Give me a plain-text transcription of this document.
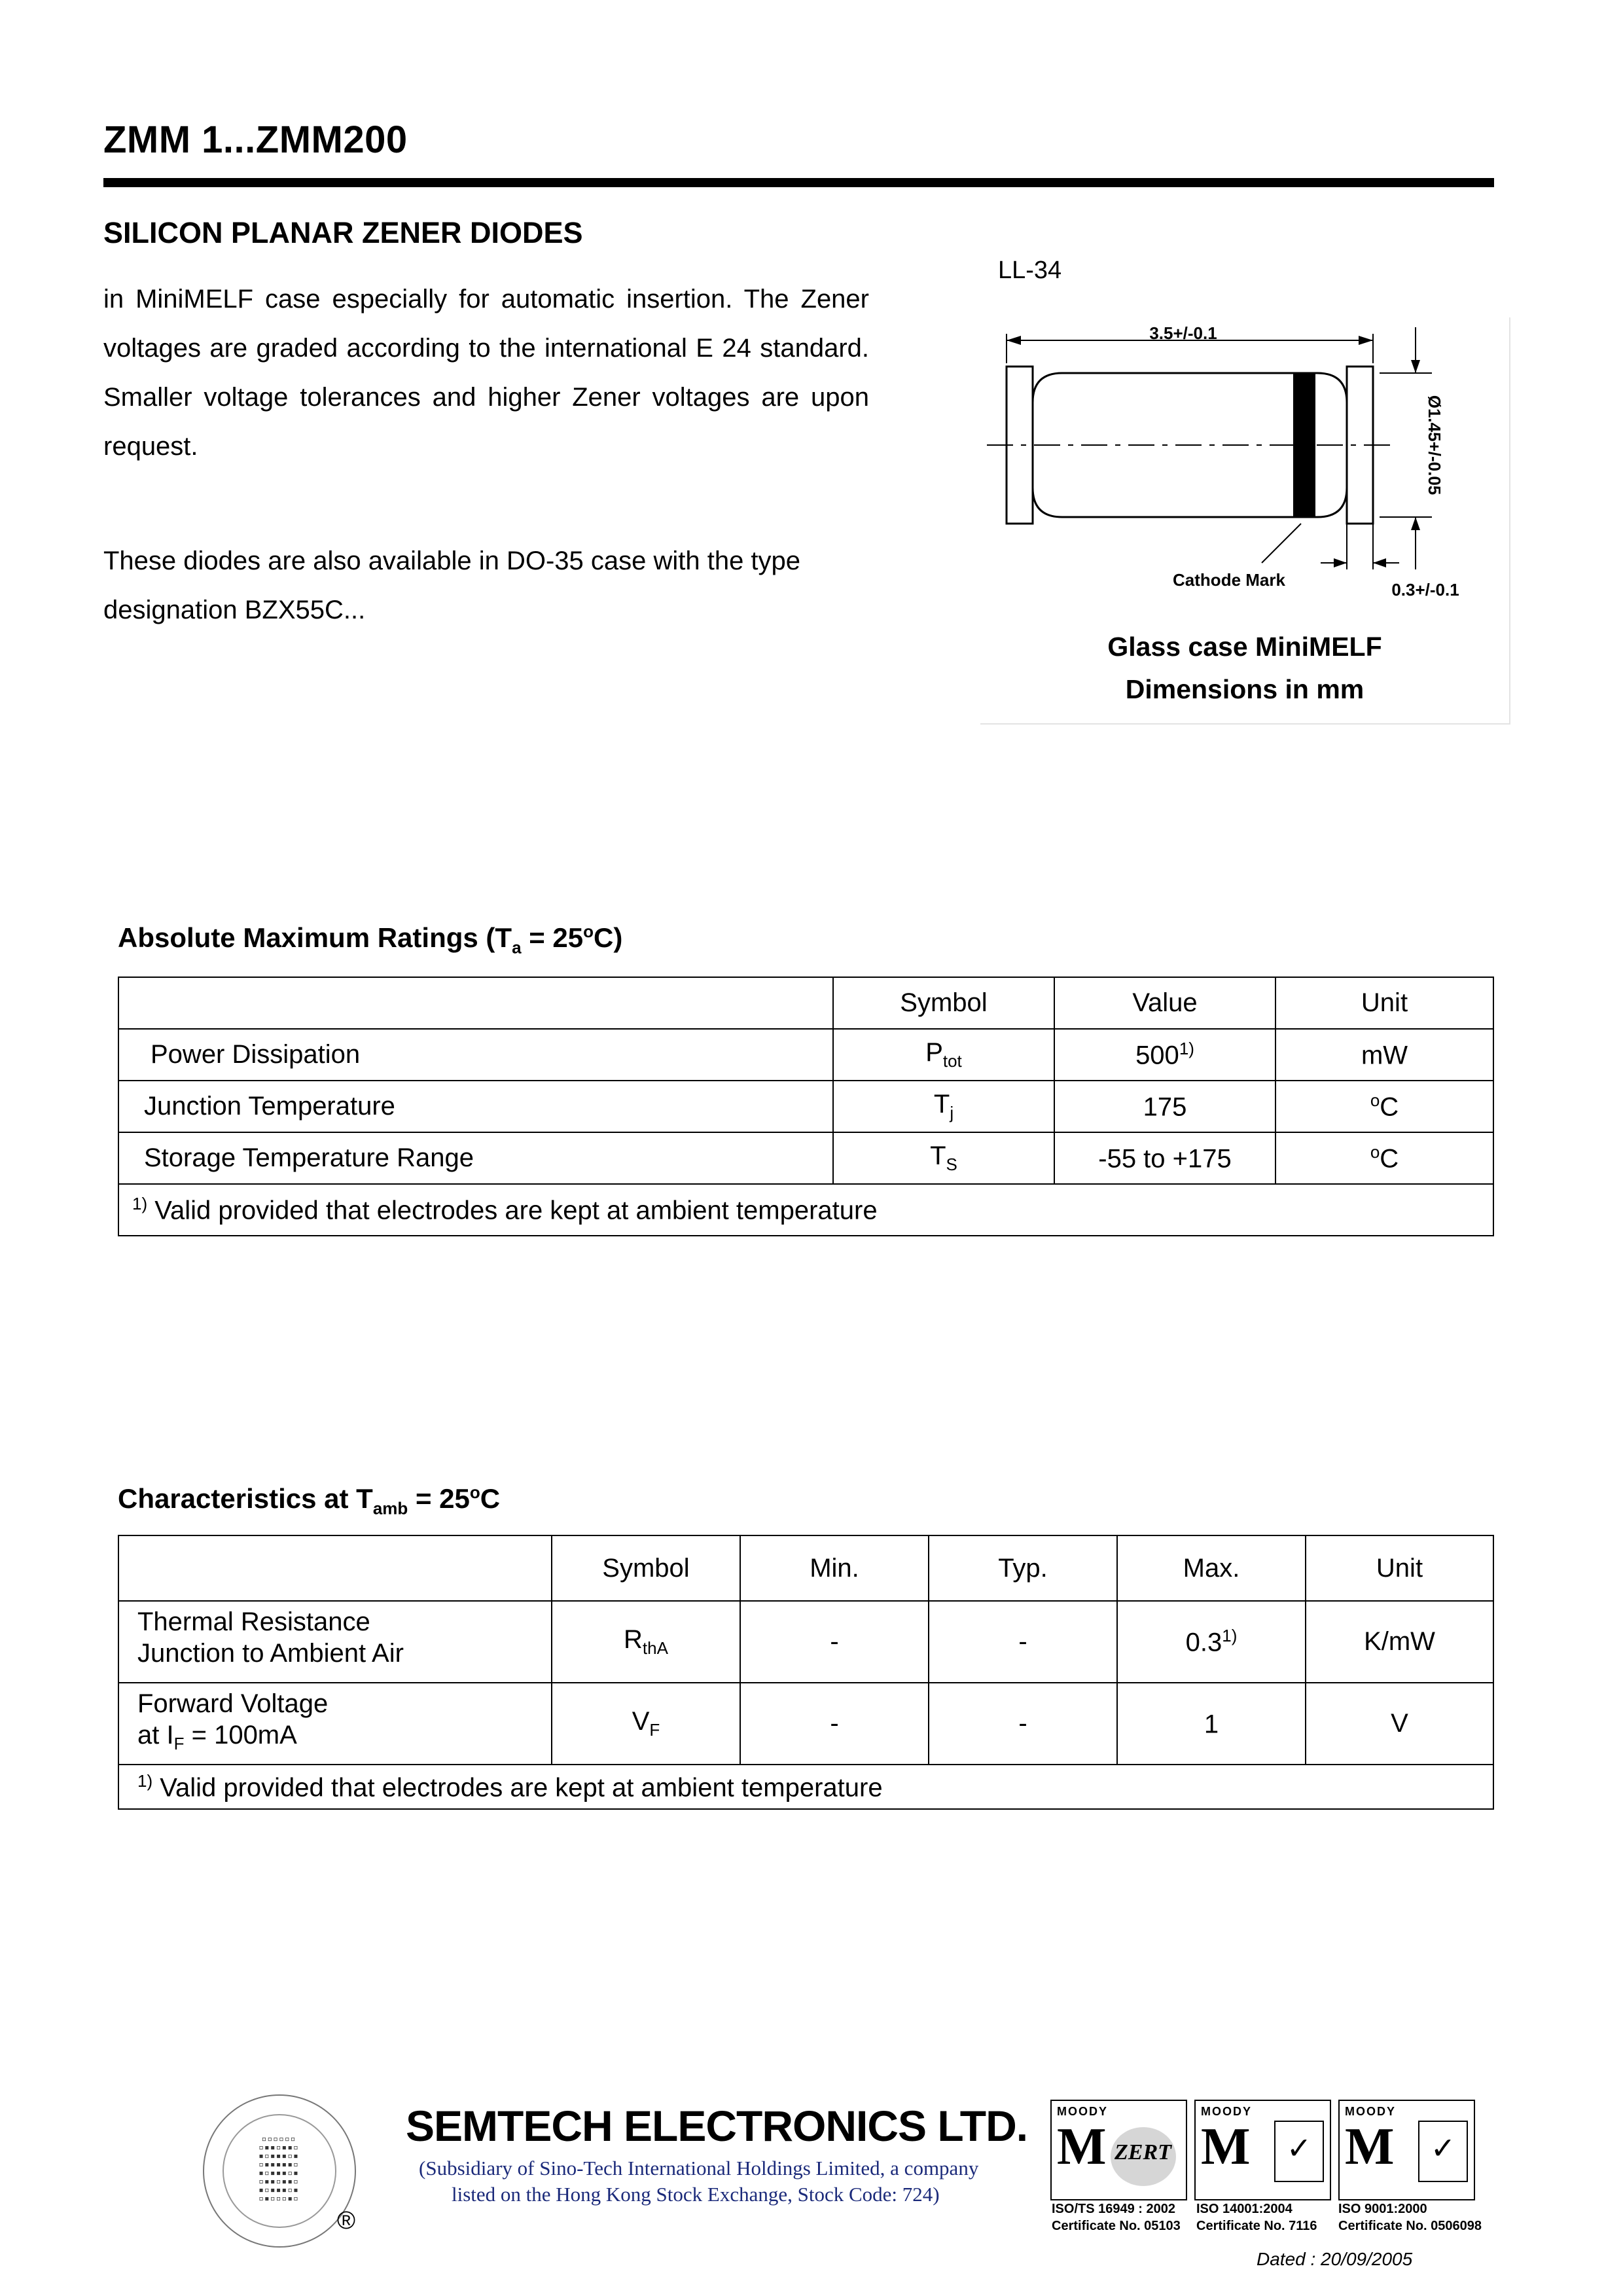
ZMM 1...ZMM200
SILICON PLANAR ZENER DIODES
in MiniMELF case especially for automatic insertion. The Zener voltages are graded according to the international E 24 standard. Smaller voltage tolerances and higher Zener voltages are upon request.
These diodes are also available in DO-35 case with the type designation BZX55C...
LL-34
3.5+/-0.1
Ø1.45+/-0.05
0.3+/-0.1
Cathode Mark
Glass case MiniMELF
Dimensions in mm
Absolute Maximum Ratings $(T_a = 25^oC)$
	Symbol	Value	Unit
Power Dissipation	$P_{tot}$	500$^{1)}$	mW
Junction Temperature	$T_j$	175	$^o$C
Storage Temperature Range	$T_S$	-55 to +175	$^o$C
$^{1)}$ Valid provided that electrodes are kept at ambient temperature			
Characteristics at $T_{amb} = 25^oC$
	Symbol	Min.	Typ.	Max.	Unit

Thermal Resistance
Junction to Ambient Air	$R_{thA}$	-	-	0.3$^{1)}$	K/mW

Forward Voltage
at $I_F = 100mA$	$V_F$	-	-	1	V
$^{1)}$ Valid provided that electrodes are kept at ambient temperature					
▫▫▫▫▫▫
▫▪▪▫▪▪▫
▪▫▪▪▪▫▪
▫▪▪▪▪▪▫
▪▫▪▪▪▫▪
▫▪▪▫▪▪▫
▪▫▪▪▪▫▪
▫▪▫▫▫▪▫
®
SEMTECH ELECTRONICS LTD.
(Subsidiary of Sino-Tech International Holdings Limited, a company
listed on the Hong Kong Stock Exchange, Stock Code: 724)
MOODY
M ZERT
MOODY
M	✓
MOODY
M	✓
ISO/TS 16949 : 2002
Certificate No. 05103
ISO 14001:2004
Certificate No. 7116
ISO 9001:2000
Certificate No. 0506098
Dated : 20/09/2005
